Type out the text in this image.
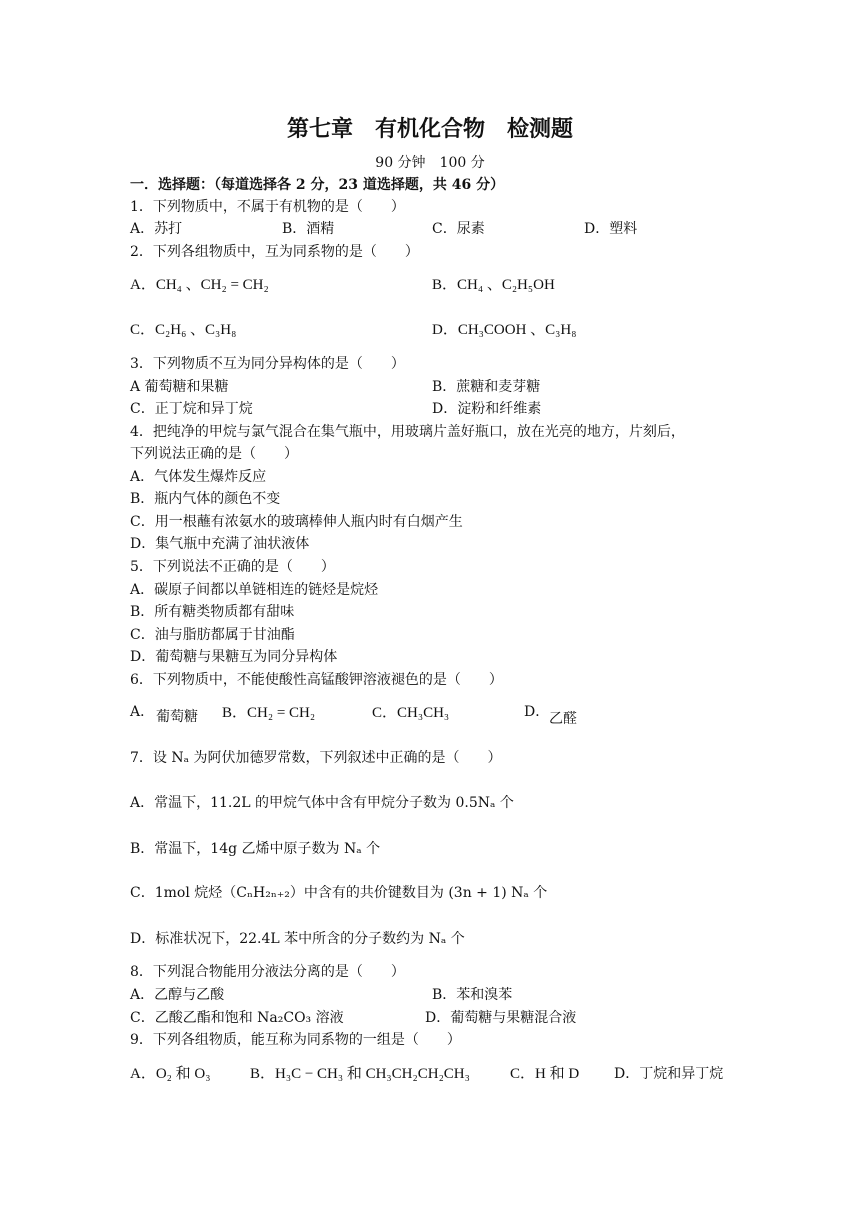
第七章　有机化合物　检测题
90 分钟　100 分
一．选择题：（每道选择各 2 分，23 道选择题，共 46 分）
1．下列物质中，不属于有机物的是（　　）
A．苏打	B．酒精	C．尿素	D．塑料
2．下列各组物质中，互为同系物的是（　　）
A．CH₄ 、CH₂ = CH₂	B．CH₄ 、C₂H₅OH
C．C₂H₆ 、C₃H₈	D．CH₃COOH 、C₃H₈
3．下列物质不互为同分异构体的是（　　）
A 葡萄糖和果糖	B．蔗糖和麦芽糖
C．正丁烷和异丁烷	D．淀粉和纤维素
4．把纯净的甲烷与氯气混合在集气瓶中，用玻璃片盖好瓶口，放在光亮的地方，片刻后，
下列说法正确的是（　　）
A．气体发生爆炸反应
B．瓶内气体的颜色不变
C．用一根蘸有浓氨水的玻璃棒伸人瓶内时有白烟产生
D．集气瓶中充满了油状液体
5．下列说法不正确的是（　　）
A．碳原子间都以单链相连的链烃是烷烃
B．所有糖类物质都有甜味
C．油与脂肪都属于甘油酯
D．葡萄糖与果糖互为同分异构体
6．下列物质中，不能使酸性高锰酸钾溶液褪色的是（　　）
A． 葡萄糖 B．CH₂ = CH₂	C．CH₃CH₃	D． 乙醛
7．设 Nₐ 为阿伏加德罗常数，下列叙述中正确的是（　　）
A．常温下，11.2L 的甲烷气体中含有甲烷分子数为 0.5Nₐ 个
B．常温下，14g 乙烯中原子数为 Nₐ 个
C．1mol 烷烃（CₙH₂ₙ₊₂）中含有的共价键数目为 (3n + 1) Nₐ 个
D．标准状况下，22.4L 苯中所含的分子数约为 Nₐ 个
8．下列混合物能用分液法分离的是（　　）
A．乙醇与乙酸	B．苯和溴苯
C．乙酸乙酯和饱和 Na₂CO₃ 溶液	D．葡萄糖与果糖混合液
9．下列各组物质，能互称为同系物的一组是（　　）
A．O₂ 和 O₃	B．H₃C − CH₃ 和 CH₃CH₂CH₂CH₃	C．H 和 D D．丁烷和异丁烷
